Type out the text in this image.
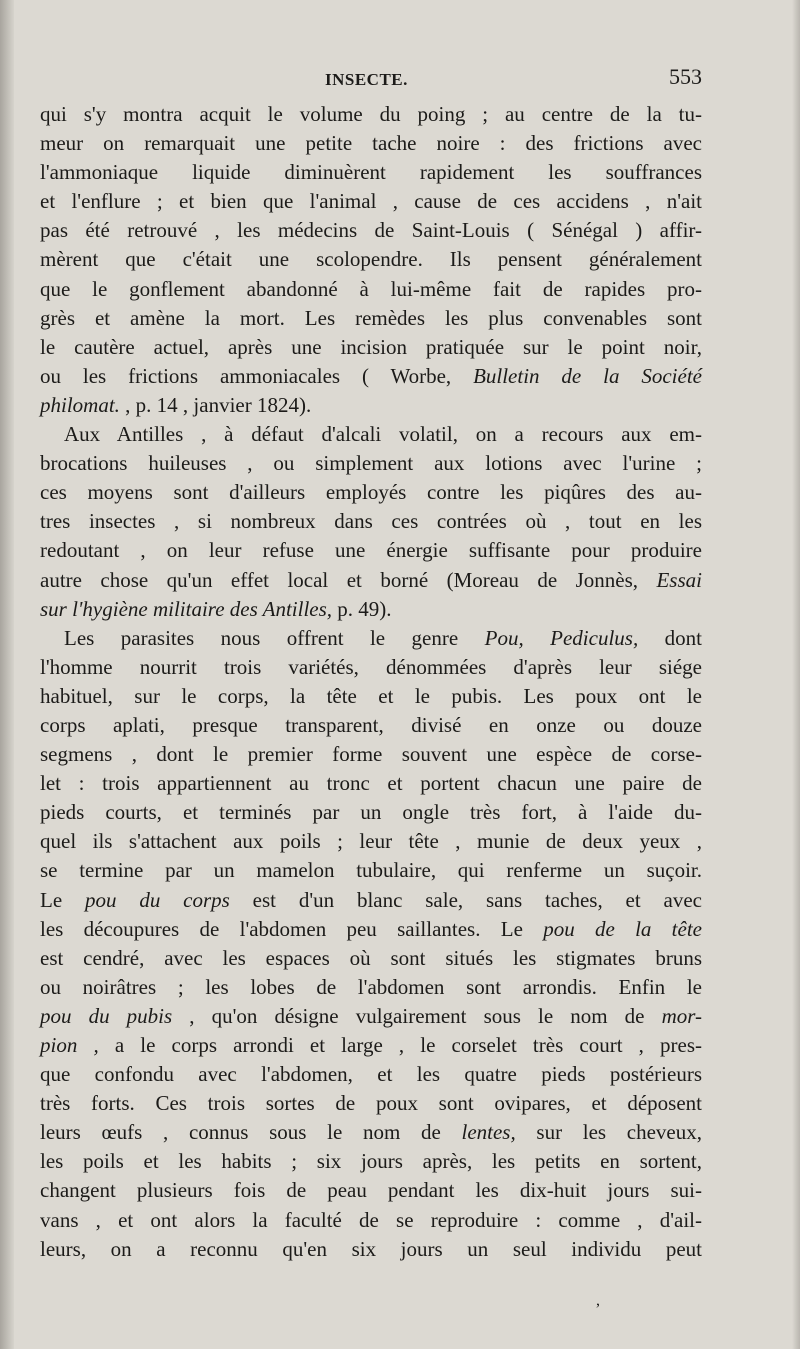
INSECTE.	553
qui s'y montra acquit le volume du poing ; au centre de la tu-
meur on remarquait une petite tache noire : des frictions avec
l'ammoniaque liquide diminuèrent rapidement les souffrances
et l'enflure ; et bien que l'animal , cause de ces accidens , n'ait
pas été retrouvé , les médecins de Saint-Louis ( Sénégal ) affir-
mèrent que c'était une scolopendre. Ils pensent généralement
que le gonflement abandonné à lui-même fait de rapides pro-
grès et amène la mort. Les remèdes les plus convenables sont
le cautère actuel, après une incision pratiquée sur le point noir,
ou les frictions ammoniacales ( Worbe, Bulletin de la Société
philomat. , p. 14 , janvier 1824).
Aux Antilles , à défaut d'alcali volatil, on a recours aux em-
brocations huileuses , ou simplement aux lotions avec l'urine ;
ces moyens sont d'ailleurs employés contre les piqûres des au-
tres insectes , si nombreux dans ces contrées où , tout en les
redoutant , on leur refuse une énergie suffisante pour produire
autre chose qu'un effet local et borné (Moreau de Jonnès, Essai
sur l'hygiène militaire des Antilles, p. 49).
Les parasites nous offrent le genre Pou, Pediculus, dont
l'homme nourrit trois variétés, dénommées d'après leur siége
habituel, sur le corps, la tête et le pubis. Les poux ont le
corps aplati, presque transparent, divisé en onze ou douze
segmens , dont le premier forme souvent une espèce de corse-
let : trois appartiennent au tronc et portent chacun une paire de
pieds courts, et terminés par un ongle très fort, à l'aide du-
quel ils s'attachent aux poils ; leur tête , munie de deux yeux ,
se termine par un mamelon tubulaire, qui renferme un suçoir.
Le pou du corps est d'un blanc sale, sans taches, et avec
les découpures de l'abdomen peu saillantes. Le pou de la tête
est cendré, avec les espaces où sont situés les stigmates bruns
ou noirâtres ; les lobes de l'abdomen sont arrondis. Enfin le
pou du pubis , qu'on désigne vulgairement sous le nom de mor-
pion , a le corps arrondi et large , le corselet très court , pres-
que confondu avec l'abdomen, et les quatre pieds postérieurs
très forts. Ces trois sortes de poux sont ovipares, et déposent
leurs œufs , connus sous le nom de lentes, sur les cheveux,
les poils et les habits ; six jours après, les petits en sortent,
changent plusieurs fois de peau pendant les dix-huit jours sui-
vans , et ont alors la faculté de se reproduire : comme , d'ail-
leurs, on a reconnu qu'en six jours un seul individu peut
,
